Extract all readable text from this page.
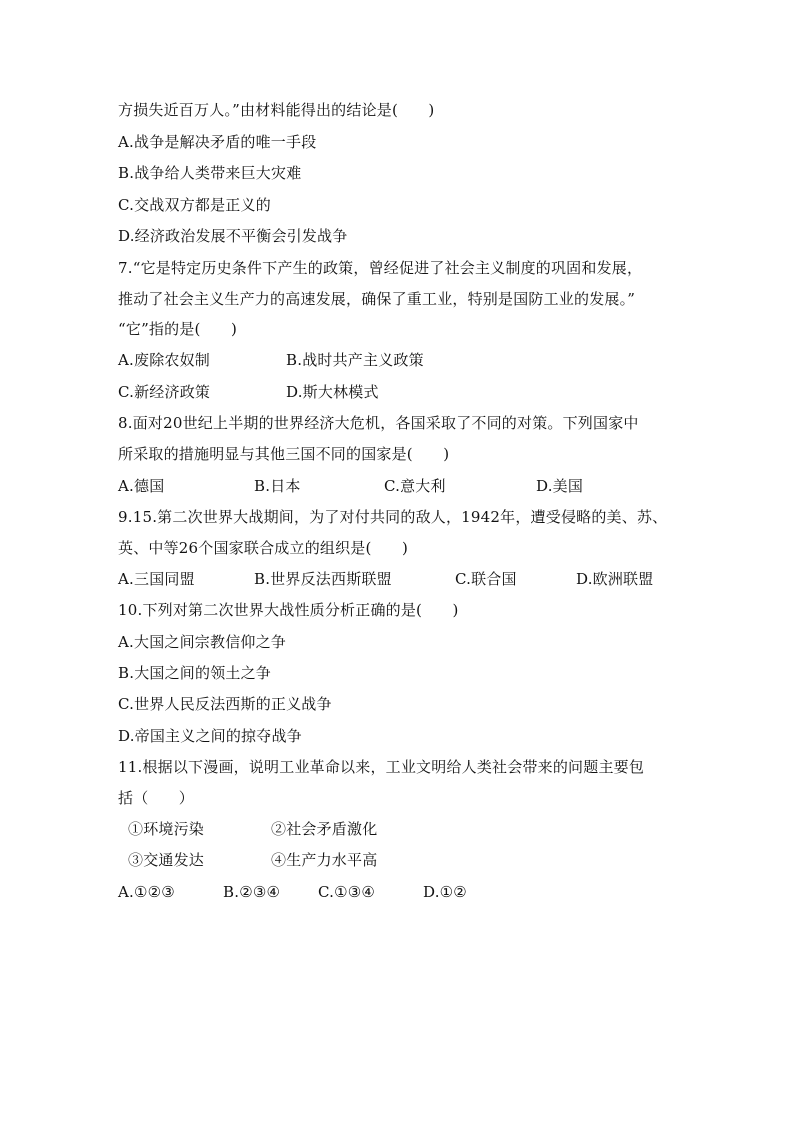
方损失近百万人。”由材料能得出的结论是(　　)
A.战争是解决矛盾的唯一手段
B.战争给人类带来巨大灾难
C.交战双方都是正义的
D.经济政治发展不平衡会引发战争
7.“它是特定历史条件下产生的政策，曾经促进了社会主义制度的巩固和发展，
推动了社会主义生产力的高速发展，确保了重工业，特别是国防工业的发展。”
“它”指的是(　　)
A.废除农奴制	B.战时共产主义政策
C.新经济政策	D.斯大林模式
8.面对20世纪上半期的世界经济大危机，各国采取了不同的对策。下列国家中
所采取的措施明显与其他三国不同的国家是(　　)
A.德国	B.日本	C.意大利	D.美国
9.15.第二次世界大战期间，为了对付共同的敌人，1942年，遭受侵略的美、苏、
英、中等26个国家联合成立的组织是(　　)
A.三国同盟	B.世界反法西斯联盟	C.联合国	D.欧洲联盟
10.下列对第二次世界大战性质分析正确的是(　　)
A.大国之间宗教信仰之争
B.大国之间的领土之争
C.世界人民反法西斯的正义战争
D.帝国主义之间的掠夺战争
11.根据以下漫画，说明工业革命以来，工业文明给人类社会带来的问题主要包
括（　　）
①环境污染	②社会矛盾激化
③交通发达	④生产力水平高
A.①②③	B.②③④	C.①③④	D.①②
